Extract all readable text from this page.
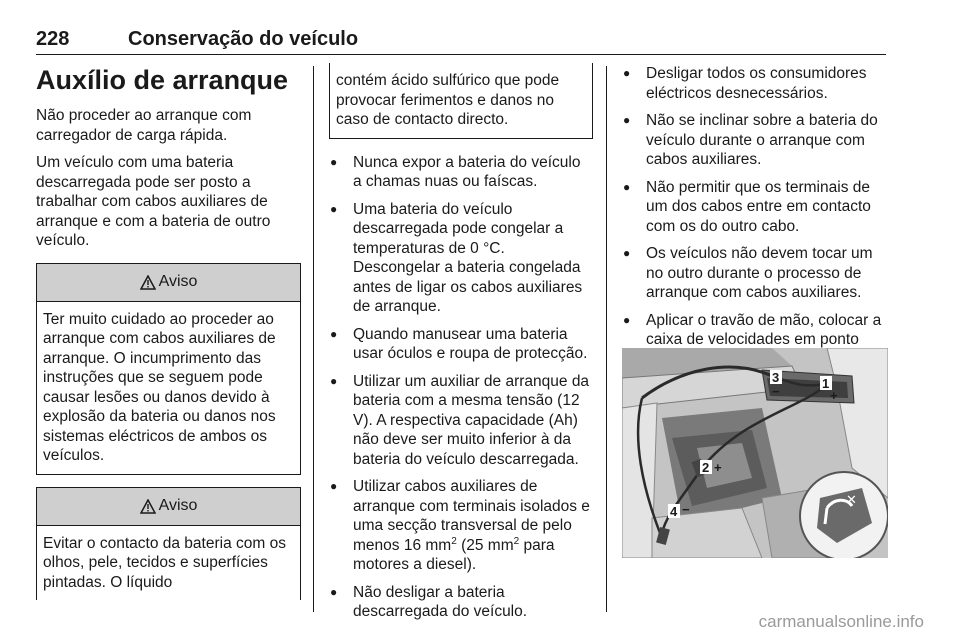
228	Conservação do veículo
Auxílio de arranque
Não proceder ao arranque com carregador de carga rápida.
Um veículo com uma bateria descarregada pode ser posto a trabalhar com cabos auxiliares de arranque e com a bateria de outro veículo.
Aviso
Ter muito cuidado ao proceder ao arranque com cabos auxiliares de arranque. O incumprimento das instruções que se seguem pode causar lesões ou danos devido à explosão da bateria ou danos nos sistemas eléctricos de ambos os veículos.
Aviso
Evitar o contacto da bateria com os olhos, pele, tecidos e superfícies pintadas. O líquido
contém ácido sulfúrico que pode provocar ferimentos e danos no caso de contacto directo.
● Nunca expor a bateria do veículo a chamas nuas ou faíscas.
● Uma bateria do veículo descarregada pode congelar a temperaturas de 0 °C. Descongelar a bateria congelada antes de ligar os cabos auxiliares de arranque.
● Quando manusear uma bateria usar óculos e roupa de protecção.
● Utilizar um auxiliar de arranque da bateria com a mesma tensão (12 V). A respectiva capacidade (Ah) não deve ser muito inferior à da bateria do veículo descarregada.
● Utilizar cabos auxiliares de arranque com terminais isolados e uma secção transversal de pelo menos 16 $mm^2$ (25 $mm^2$ para motores a diesel).
● Não desligar a bateria descarregada do veículo.
● Desligar todos os consumidores eléctricos desnecessários.
● Não se inclinar sobre a bateria do veículo durante o arranque com cabos auxiliares.
● Não permitir que os terminais de um dos cabos entre em contacto com os do outro cabo.
● Os veículos não devem tocar um no outro durante o processo de arranque com cabos auxiliares.
● Aplicar o travão de mão, colocar a caixa de velocidades em ponto
✕
3
−
1
+
2 +
4 −
carmanualsonline.info
